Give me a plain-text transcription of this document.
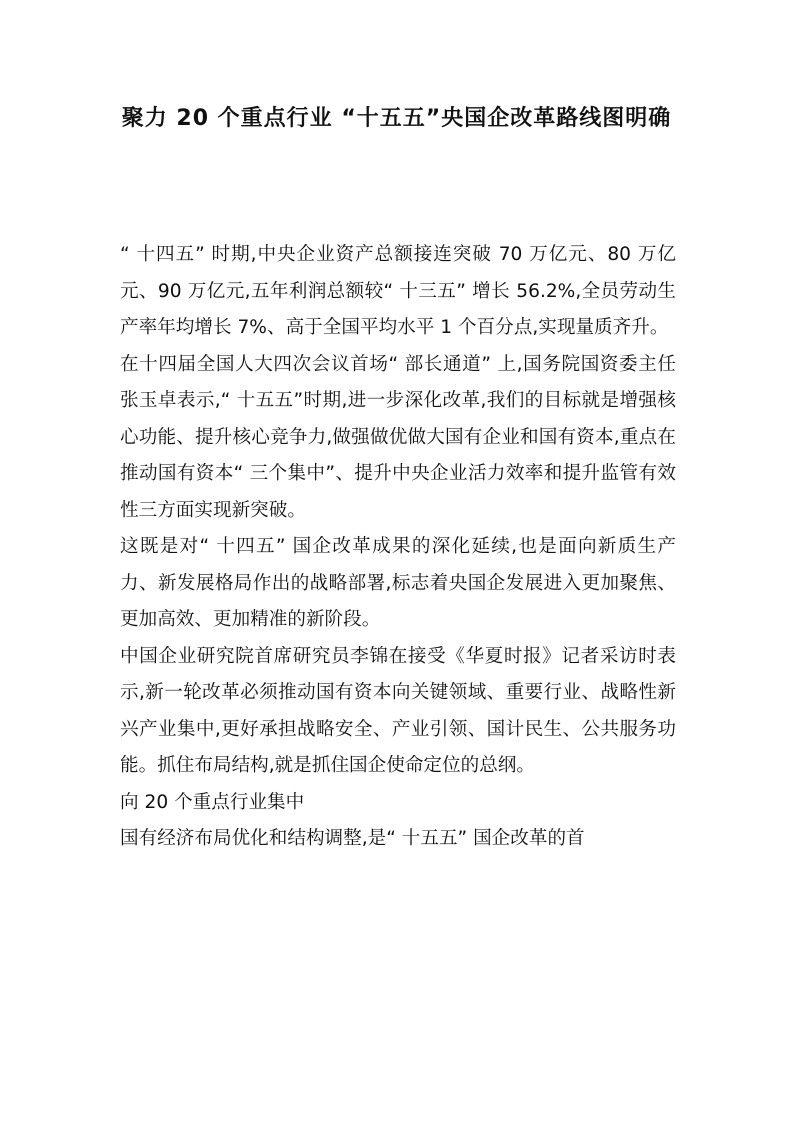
聚力 20 个重点行业 “十五五”央国企改革路线图明确

“ 十四五” 时期,中央企业资产总额接连突破 70 万亿元、80 万亿元、90 万亿元,五年利润总额较“ 十三五” 增长 56.2%,全员劳动生产率年均增长 7%、高于全国平均水平 1 个百分点,实现量质齐升。

在十四届全国人大四次会议首场“ 部长通道” 上,国务院国资委主任张玉卓表示,“ 十五五”时期,进一步深化改革,我们的目标就是增强核心功能、提升核心竞争力,做强做优做大国有企业和国有资本,重点在推动国有资本“ 三个集中”、提升中央企业活力效率和提升监管有效性三方面实现新突破。

这既是对“ 十四五” 国企改革成果的深化延续,也是面向新质生产力、新发展格局作出的战略部署,标志着央国企发展进入更加聚焦、更加高效、更加精准的新阶段。

中国企业研究院首席研究员李锦在接受《华夏时报》记者采访时表示,新一轮改革必须推动国有资本向关键领域、重要行业、战略性新兴产业集中,更好承担战略安全、产业引领、国计民生、公共服务功能。抓住布局结构,就是抓住国企使命定位的总纲。

向 20 个重点行业集中

国有经济布局优化和结构调整,是“ 十五五” 国企改革的首
